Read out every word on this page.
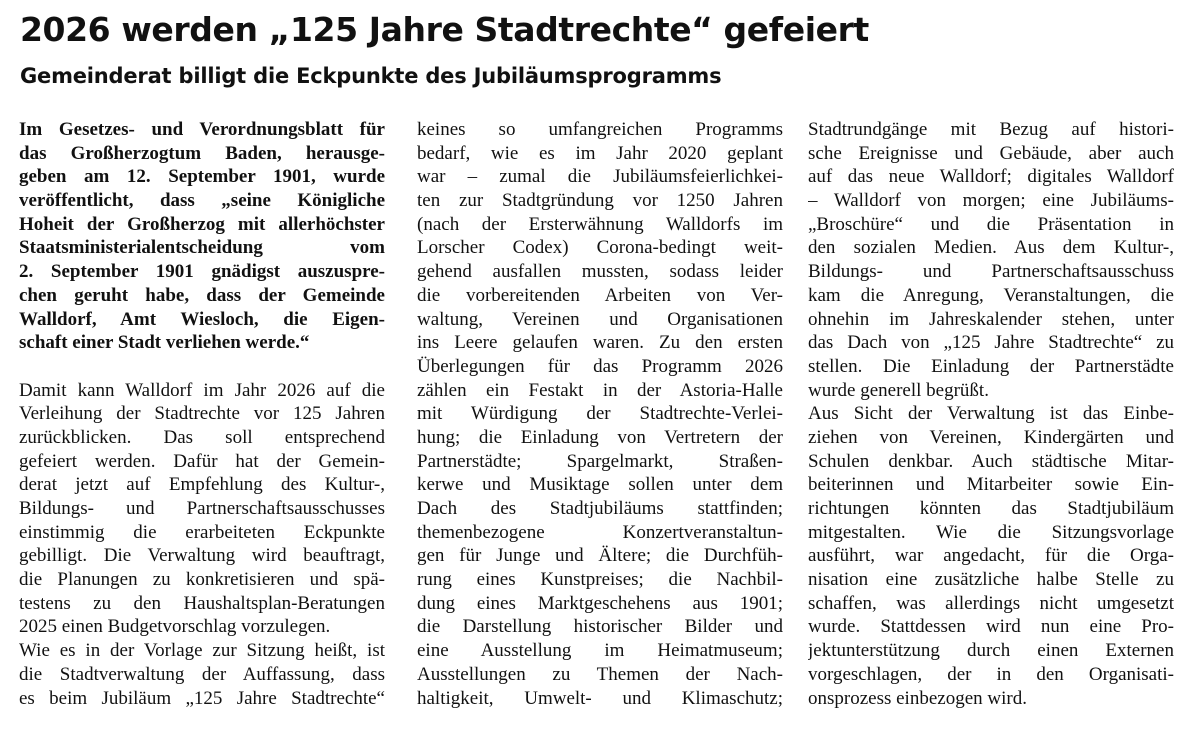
2026 werden „125 Jahre Stadtrechte“ gefeiert
Gemeinderat billigt die Eckpunkte des Jubiläumsprogramms
Im Gesetzes- und Verordnungsblatt für
das Großherzogtum Baden, herausge-
geben am 12. September 1901, wurde
veröffentlicht, dass „seine Königliche
Hoheit der Großherzog mit allerhöchster
Staatsministerialentscheidung vom
2. September 1901 gnädigst auszuspre-
chen geruht habe, dass der Gemeinde
Walldorf, Amt Wiesloch, die Eigen-
schaft einer Stadt verliehen werde.“
Damit kann Walldorf im Jahr 2026 auf die
Verleihung der Stadtrechte vor 125 Jahren
zurückblicken. Das soll entsprechend
gefeiert werden. Dafür hat der Gemein-
derat jetzt auf Empfehlung des Kultur-,
Bildungs- und Partnerschaftsausschusses
einstimmig die erarbeiteten Eckpunkte
gebilligt. Die Verwaltung wird beauftragt,
die Planungen zu konkretisieren und spä-
testens zu den Haushaltsplan-Beratungen
2025 einen Budgetvorschlag vorzulegen.
Wie es in der Vorlage zur Sitzung heißt, ist
die Stadtverwaltung der Auffassung, dass
es beim Jubiläum „125 Jahre Stadtrechte“
keines so umfangreichen Programms
bedarf, wie es im Jahr 2020 geplant
war – zumal die Jubiläumsfeierlichkei-
ten zur Stadtgründung vor 1250 Jahren
(nach der Ersterwähnung Walldorfs im
Lorscher Codex) Corona-bedingt weit-
gehend ausfallen mussten, sodass leider
die vorbereitenden Arbeiten von Ver-
waltung, Vereinen und Organisationen
ins Leere gelaufen waren. Zu den ersten
Überlegungen für das Programm 2026
zählen ein Festakt in der Astoria-Halle
mit Würdigung der Stadtrechte-Verlei-
hung; die Einladung von Vertretern der
Partnerstädte; Spargelmarkt, Straßen-
kerwe und Musiktage sollen unter dem
Dach des Stadtjubiläums stattfinden;
themenbezogene Konzertveranstaltun-
gen für Junge und Ältere; die Durchfüh-
rung eines Kunstpreises; die Nachbil-
dung eines Marktgeschehens aus 1901;
die Darstellung historischer Bilder und
eine Ausstellung im Heimatmuseum;
Ausstellungen zu Themen der Nach-
haltigkeit, Umwelt- und Klimaschutz;
Stadtrundgänge mit Bezug auf histori-
sche Ereignisse und Gebäude, aber auch
auf das neue Walldorf; digitales Walldorf
– Walldorf von morgen; eine Jubiläums-
„Broschüre“ und die Präsentation in
den sozialen Medien. Aus dem Kultur-,
Bildungs- und Partnerschaftsausschuss
kam die Anregung, Veranstaltungen, die
ohnehin im Jahreskalender stehen, unter
das Dach von „125 Jahre Stadtrechte“ zu
stellen. Die Einladung der Partnerstädte
wurde generell begrüßt.
Aus Sicht der Verwaltung ist das Einbe-
ziehen von Vereinen, Kindergärten und
Schulen denkbar. Auch städtische Mitar-
beiterinnen und Mitarbeiter sowie Ein-
richtungen könnten das Stadtjubiläum
mitgestalten. Wie die Sitzungsvorlage
ausführt, war angedacht, für die Orga-
nisation eine zusätzliche halbe Stelle zu
schaffen, was allerdings nicht umgesetzt
wurde. Stattdessen wird nun eine Pro-
jektunterstützung durch einen Externen
vorgeschlagen, der in den Organisati-
onsprozess einbezogen wird.
